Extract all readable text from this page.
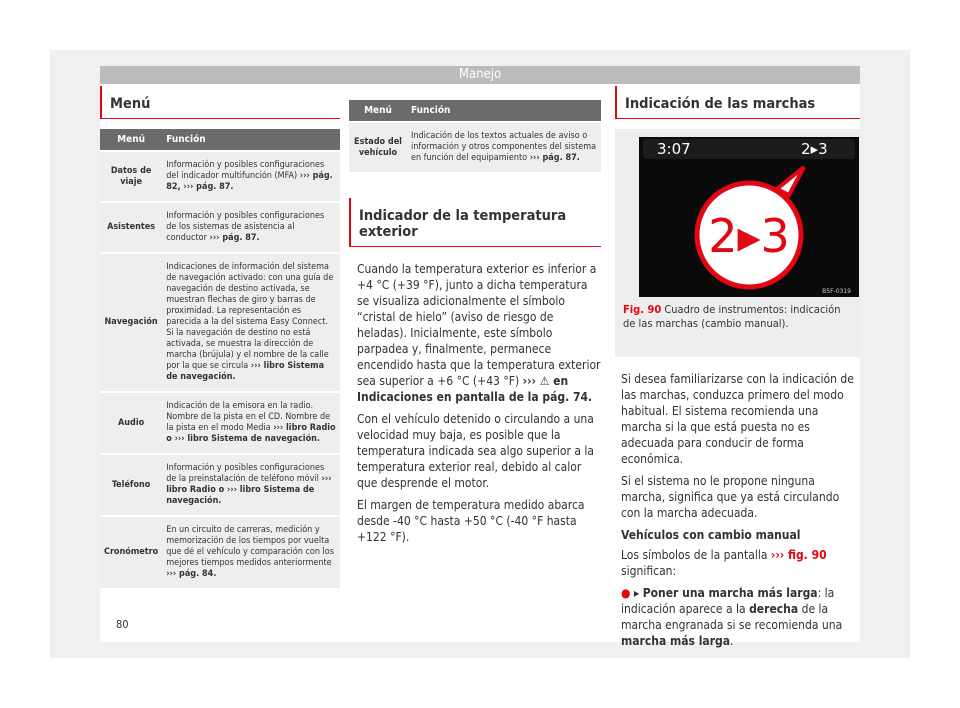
Manejo
Menú
Menú	Función
Datos de viaje	Información y posibles configuraciones del indicador multifunción (MFA) ››› pág. 82, ››› pág. 87.
Asistentes	Información y posibles configuraciones de los sistemas de asistencia al conductor ››› pág. 87.
Navegación	Indicaciones de información del sistema de navegación activado: con una guía de navegación de destino activada, se muestran flechas de giro y barras de proximidad. La representación es parecida a la del sistema Easy Connect. Si la navegación de destino no está activada, se muestra la dirección de marcha (brújula) y el nombre de la calle por la que se circula ››› libro Sistema de navegación.
Audio	Indicación de la emisora en la radio. Nombre de la pista en el CD. Nombre de la pista en el modo Media ››› libro Radio o ››› libro Sistema de navegación.
Teléfono	Información y posibles configuraciones de la preinstalación de teléfono móvil ››› libro Radio o ››› libro Sistema de navegación.
Cronómetro	En un circuito de carreras, medición y memorización de los tiempos por vuelta que dé el vehículo y comparación con los mejores tiempos medidos anteriormente ››› pág. 84.
Menú	Función
Estado del vehículo	Indicación de los textos actuales de aviso o información y otros componentes del sistema en función del equipamiento ››› pág. 87.
Indicador de la temperatura exterior

Cuando la temperatura exterior es inferior a +4 °C (+39 °F), junto a dicha temperatura se visualiza adicionalmente el símbolo “cristal de hielo” (aviso de riesgo de heladas). Inicialmente, este símbolo parpadea y, finalmente, permanece encendido hasta que la temperatura exterior sea superior a +6 °C (+43 °F) ››› ⚠ en Indicaciones en pantalla de la pág. 74.

Con el vehículo detenido o circulando a una velocidad muy baja, es posible que la temperatura indicada sea algo superior a la temperatura exterior real, debido al calor que desprende el motor.

El margen de temperatura medido abarca desde -40 °C hasta +50 °C (-40 °F hasta +122 °F).

Indicación de las marchas
3:07	2▸3
2▸3
B5F-0319
Fig. 90 Cuadro de instrumentos: indicación de las marchas (cambio manual).

Si desea familiarizarse con la indicación de las marchas, conduzca primero del modo habitual. El sistema recomienda una marcha si la que está puesta no es adecuada para conducir de forma económica.

Si el sistema no le propone ninguna marcha, significa que ya está circulando con la marcha adecuada.

Vehículos con cambio manual

Los símbolos de la pantalla ››› fig. 90 significan:

● ▸ Poner una marcha más larga: la indicación aparece a la derecha de la marcha engranada si se recomienda una marcha más larga.

80
